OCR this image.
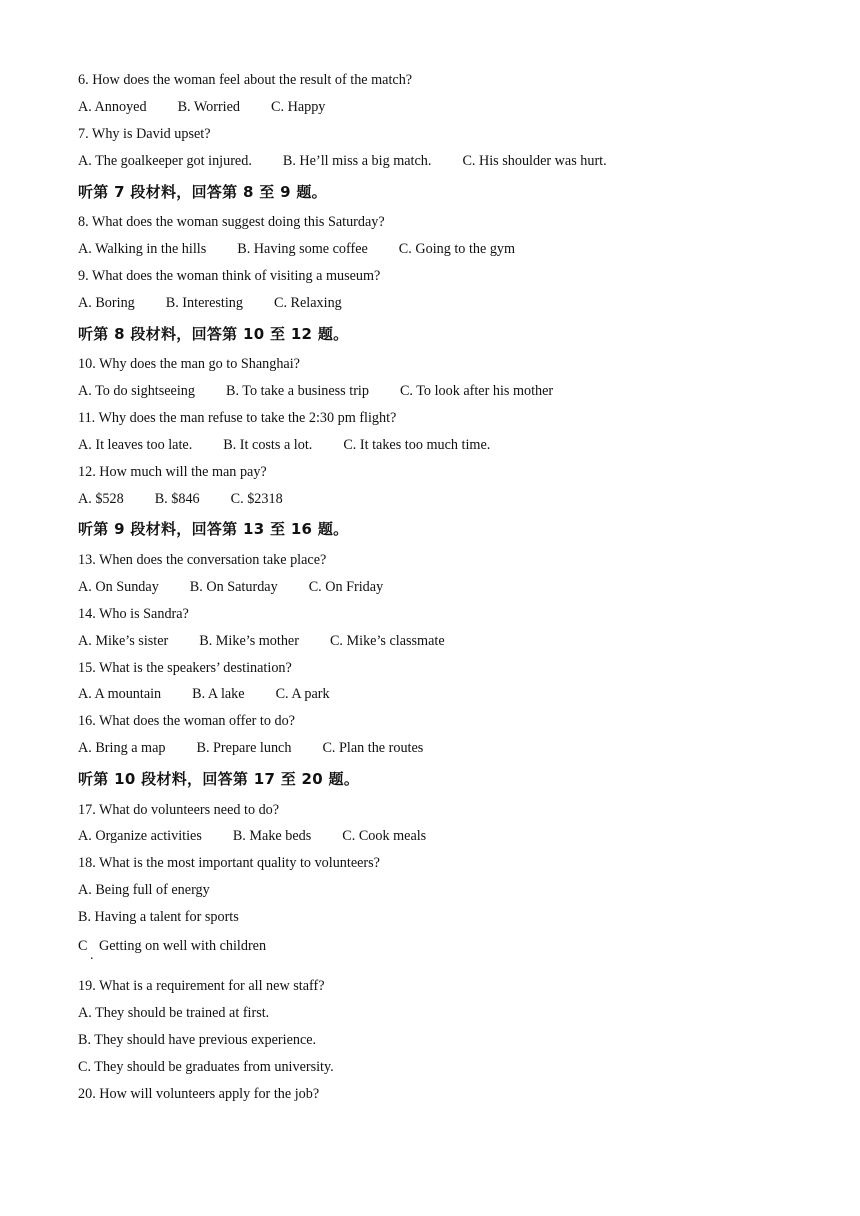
6. How does the woman feel about the result of the match?
A. Annoyed B. Worried C. Happy
7. Why is David upset?
A. The goalkeeper got injured. B. He’ll miss a big match. C. His shoulder was hurt.
听第 7 段材料，回答第 8 至 9 题。
8. What does the woman suggest doing this Saturday?
A. Walking in the hills B. Having some coffee C. Going to the gym
9. What does the woman think of visiting a museum?
A. Boring B. Interesting C. Relaxing
听第 8 段材料，回答第 10 至 12 题。
10. Why does the man go to Shanghai?
A. To do sightseeing B. To take a business trip C. To look after his mother
11. Why does the man refuse to take the 2:30 pm flight?
A. It leaves too late. B. It costs a lot. C. It takes too much time.
12. How much will the man pay?
A. $528 B. $846 C. $2318
听第 9 段材料，回答第 13 至 16 题。
13. When does the conversation take place?
A. On Sunday B. On Saturday C. On Friday
14. Who is Sandra?
A. Mike’s sister B. Mike’s mother C. Mike’s classmate
15. What is the speakers’ destination?
A. A mountain B. A lake C. A park
16. What does the woman offer to do?
A. Bring a map B. Prepare lunch C. Plan the routes
听第 10 段材料，回答第 17 至 20 题。
17. What do volunteers need to do?
A. Organize activities B. Make beds C. Cook meals
18. What is the most important quality to volunteers?
A. Being full of energy
B. Having a talent for sports
C Getting on well with children
.
19. What is a requirement for all new staff?
A. They should be trained at first.
B. They should have previous experience.
C. They should be graduates from university.
20. How will volunteers apply for the job?
